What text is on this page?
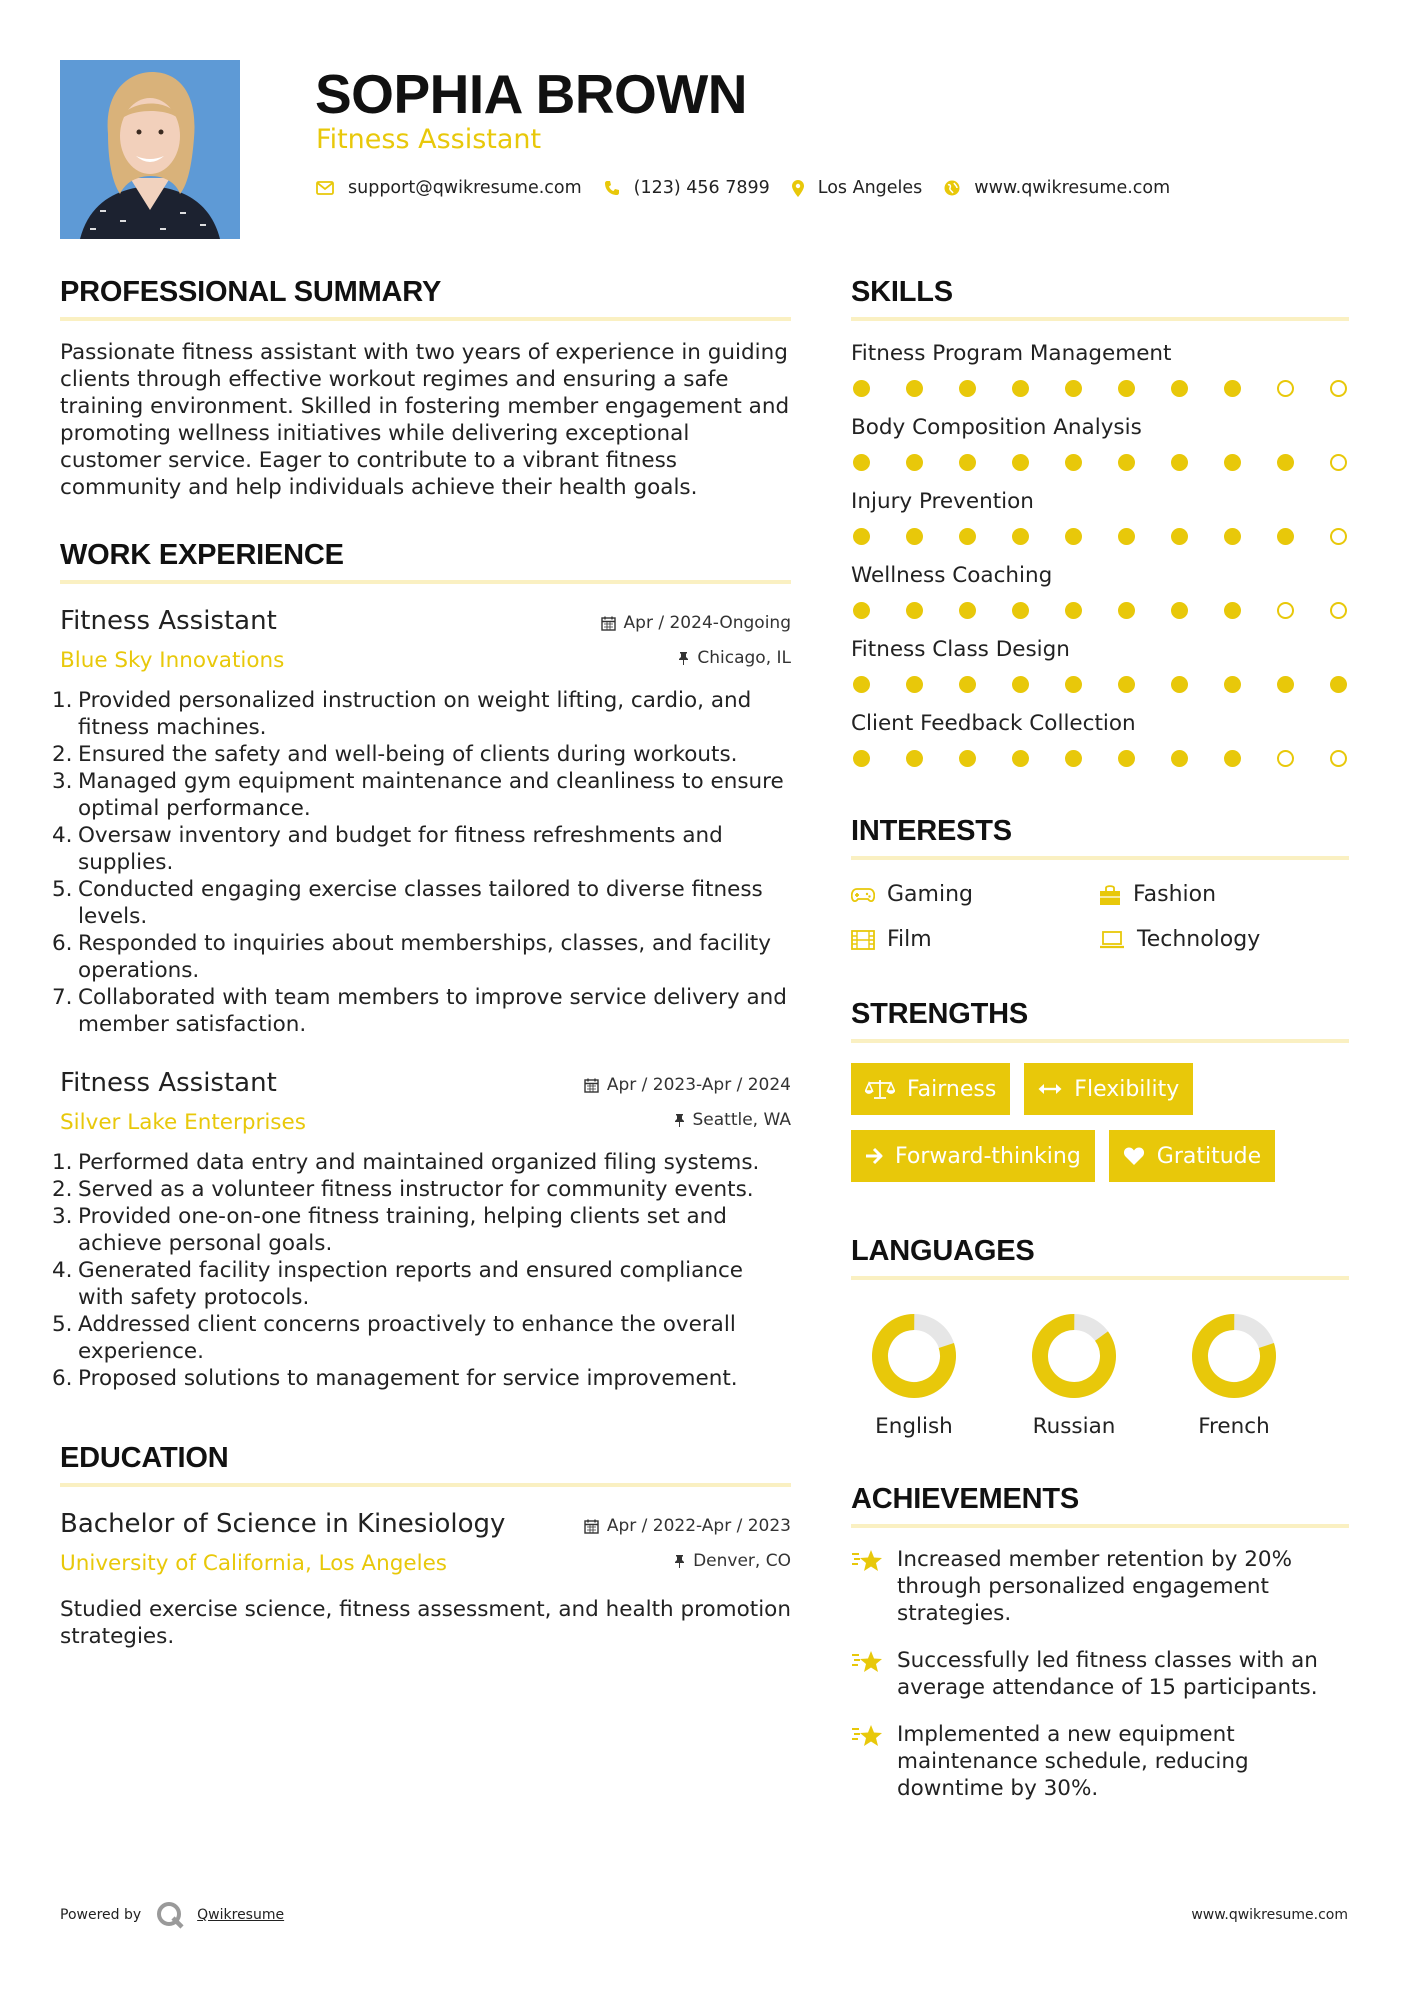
SOPHIA BROWN
Fitness Assistant
support@qwikresume.com	(123) 456 7899	Los Angeles	www.qwikresume.com
PROFESSIONAL SUMMARY

Passionate fitness assistant with two years of experience in guiding clients through effective workout regimes and ensuring a safe training environment. Skilled in fostering member engagement and promoting wellness initiatives while delivering exceptional customer service. Eager to contribute to a vibrant fitness community and help individuals achieve their health goals.

WORK EXPERIENCE
Fitness Assistant	Apr / 2024-Ongoing
Blue Sky Innovations	Chicago, IL
1. Provided personalized instruction on weight lifting, cardio, and fitness machines.
2. Ensured the safety and well-being of clients during workouts.
3. Managed gym equipment maintenance and cleanliness to ensure optimal performance.
4. Oversaw inventory and budget for fitness refreshments and supplies.
5. Conducted engaging exercise classes tailored to diverse fitness levels.
6. Responded to inquiries about memberships, classes, and facility operations.
7. Collaborated with team members to improve service delivery and member satisfaction.
Fitness Assistant	Apr / 2023-Apr / 2024
Silver Lake Enterprises	Seattle, WA
1. Performed data entry and maintained organized filing systems.
2. Served as a volunteer fitness instructor for community events.
3. Provided one-on-one fitness training, helping clients set and achieve personal goals.
4. Generated facility inspection reports and ensured compliance with safety protocols.
5. Addressed client concerns proactively to enhance the overall experience.
6. Proposed solutions to management for service improvement.
EDUCATION
Bachelor of Science in Kinesiology	Apr / 2022-Apr / 2023
University of California, Los Angeles	Denver, CO

Studied exercise science, fitness assessment, and health promotion strategies.

SKILLS
Fitness Program Management
Body Composition Analysis
Injury Prevention
Wellness Coaching
Fitness Class Design
Client Feedback Collection
INTERESTS
Gaming	Fashion
Film	Technology
STRENGTHS
Fairness	Flexibility
Forward-thinking	Gratitude
LANGUAGES
English	Russian	French
ACHIEVEMENTS
Increased member retention by 20% through personalized engagement strategies.
Successfully led fitness classes with an average attendance of 15 participants.
Implemented a new equipment maintenance schedule, reducing downtime by 30%.
Powered by	Qwikresume	www.qwikresume.com
